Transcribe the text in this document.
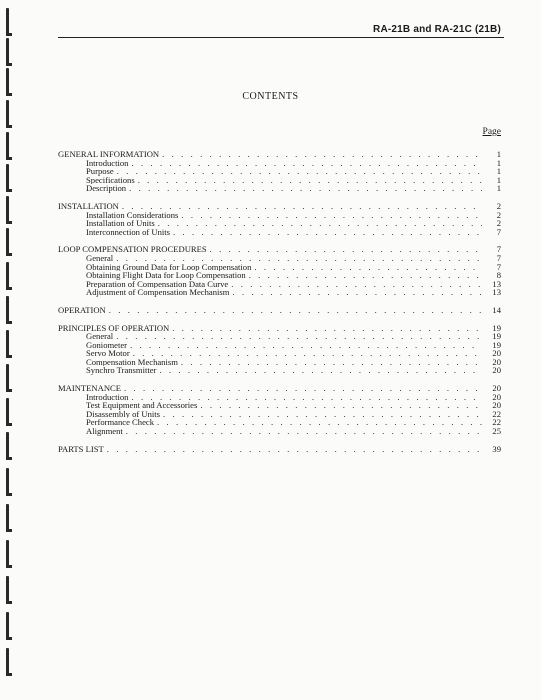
RA-21B and RA-21C (21B)
CONTENTS
Page
GENERAL INFORMATION . . .	1
Introduction . . .	1
Purpose . . .	1
Specifications . . .	1
Description . . .	1
INSTALLATION . . .	2
Installation Considerations . . .	2
Installation of Units . . .	2
Interconnection of Units . . .	7
LOOP COMPENSATION PROCEDURES . . .	7
General . . .	7
Obtaining Ground Data for Loop Compensation . . .	7
Obtaining Flight Data for Loop Compensation . . .	8
Preparation of Compensation Data Curve . . .	13
Adjustment of Compensation Mechanism . . .	13
OPERATION . . .	14
PRINCIPLES OF OPERATION . . .	19
General . . .	19
Goniometer . . .	19
Servo Motor . . .	20
Compensation Mechanism . . .	20
Synchro Transmitter . . .	20
MAINTENANCE . . .	20
Introduction . . .	20
Test Equipment and Accessories . . .	20
Disassembly of Units . . .	22
Performance Check . . .	22
Alignment . . .	25
PARTS LIST . . .	39
